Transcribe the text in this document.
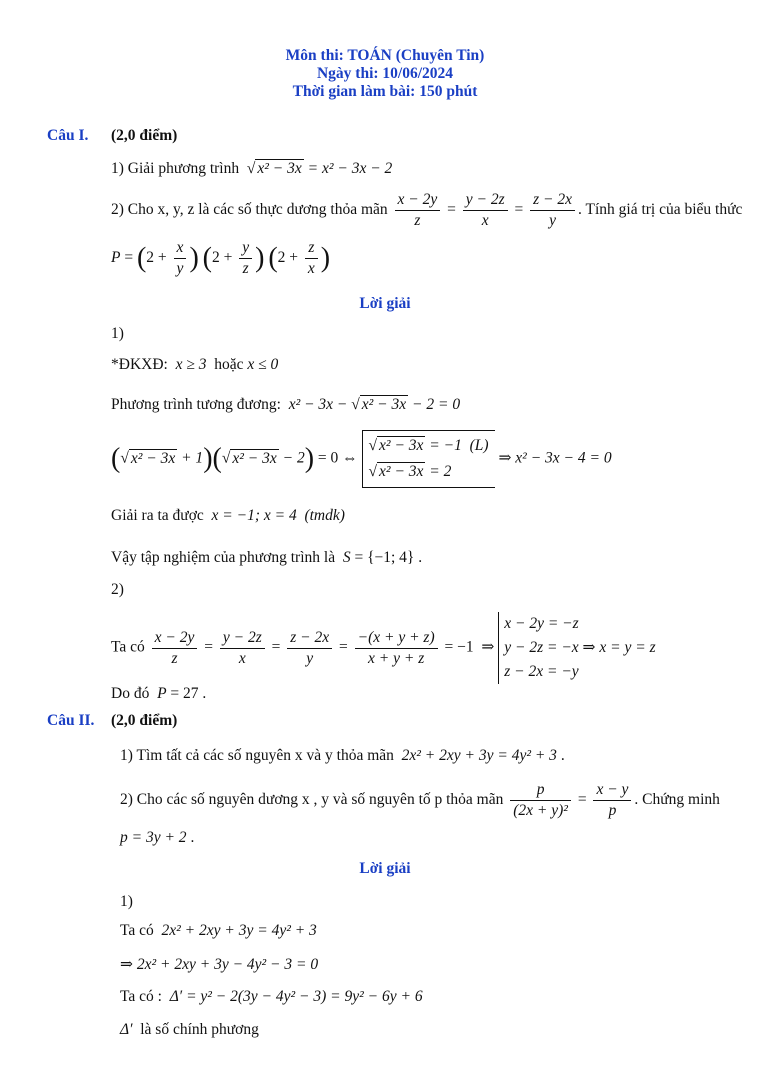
Môn thi: TOÁN (Chuyên Tin)
Ngày thi: 10/06/2024
Thời gian làm bài: 150 phút
Câu I. (2,0 điểm)
1) Giải phương trình  √ x² − 3x = x² − 3x − 2
2) Cho x, y, z là các số thực dương thỏa mãn $\frac{x - 2y}{z} = \frac{y - 2z}{x} = \frac{z - 2x}{y}$ . Tính giá trị của biểu thức
$P = (2 + \frac{x}{y}$ ) ($2 + \frac{y}{z}$ ) ($2 + \frac{z}{x}$ )
Lời giải
1)
*ĐKXĐ: x ≥ 3 hoặc x ≤ 0
Phương trình tương đương: x² − 3x − √ x² − 3x − 2 = 0
(√ x² − 3x + 1)(√ x² − 3x − 2) = 0 ⇔ √ x² − 3x = −1  (L)
√ x² − 3x = 2 ⇒ x² − 3x − 4 = 0
Giải ra ta được x = −1; x = 4 (tmdk)
Vậy tập nghiệm của phương trình là S = {−1; 4} .
2)
Ta có $\frac{x - 2y}{z} = \frac{y - 2z}{x} = \frac{z - 2x}{y} = \frac{-(x + y + z)}{x + y + z} = -1$  ⇒ x − 2y = −z
y − 2z = −x ⇒ x = y = z
z − 2x = −y
Do đó P = 27 .
Câu II. (2,0 điểm)
1) Tìm tất cả các số nguyên x và y thỏa mãn 2x² + 2xy + 3y = 4y² + 3 .
2) Cho các số nguyên dương x , y và số nguyên tố p thỏa mãn $\frac{p}{\text{(2x + y)²}} = \frac{x - y}{p}$ . Chứng minh
p = 3y + 2 .
Lời giải
1)
Ta có 2x² + 2xy + 3y = 4y² + 3
⇒ 2x² + 2xy + 3y − 4y² − 3 = 0
Ta có : Δ′ = y² − 2(3y − 4y² − 3) = 9y² − 6y + 6
Δ′ là số chính phương
